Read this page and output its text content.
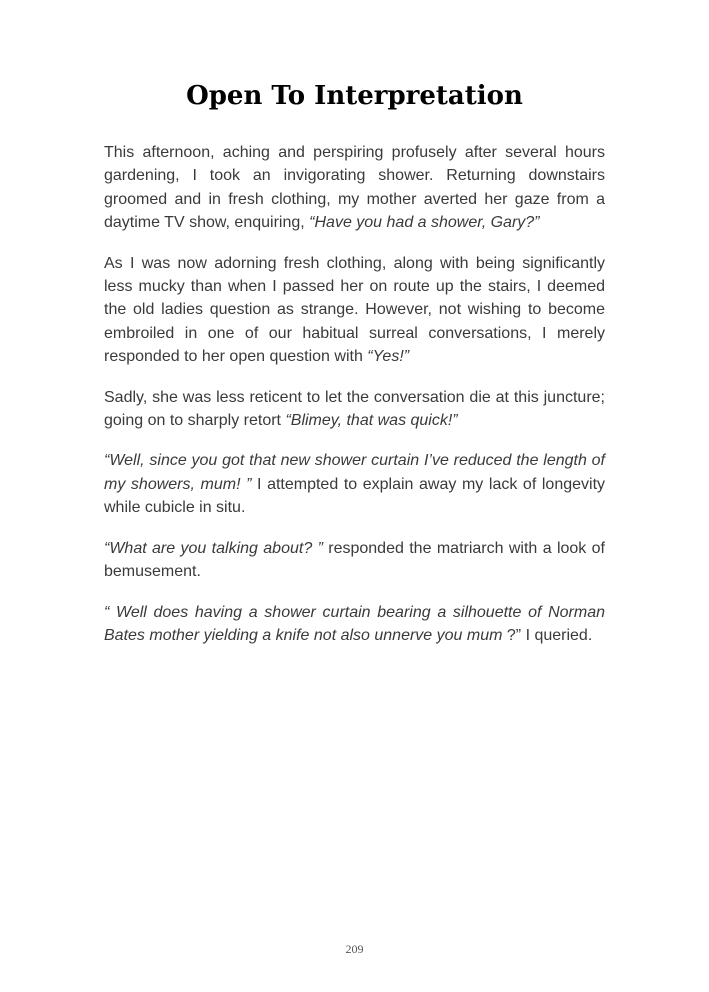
Open To Interpretation

This afternoon, aching and perspiring profusely after several hours gardening, I took an invigorating shower. Returning downstairs groomed and in fresh clothing, my mother averted her gaze from a daytime TV show, enquiring, “Have you had a shower, Gary?”

As I was now adorning fresh clothing, along with being significantly less mucky than when I passed her on route up the stairs, I deemed the old ladies question as strange. However, not wishing to become embroiled in one of our habitual surreal conversations, I merely responded to her open question with “Yes!”

Sadly, she was less reticent to let the conversation die at this juncture; going on to sharply retort “Blimey, that was quick!”

“Well, since you got that new shower curtain I’ve reduced the length of my showers, mum! ” I attempted to explain away my lack of longevity while cubicle in situ.

“What are you talking about? ” responded the matriarch with a look of bemusement.

“ Well does having a shower curtain bearing a silhouette of Norman Bates mother yielding a knife not also unnerve you mum ?” I queried.

209
